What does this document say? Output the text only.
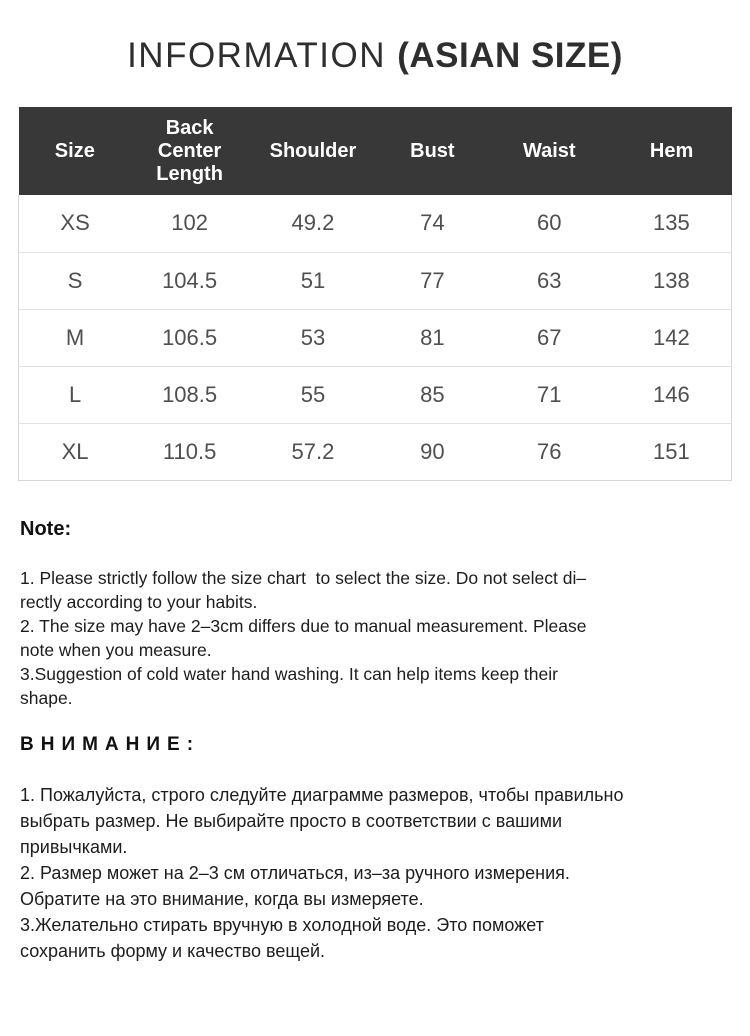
INFORMATION (ASIAN SIZE)
Size	Back Center Length	Shoulder	Bust	Waist	Hem
XS	102	49.2	74	60	135
S	104.5	51	77	63	138
M	106.5	53	81	67	142
L	108.5	55	85	71	146
XL	110.5	57.2	90	76	151
Note:
1. Please strictly follow the size chart  to select the size. Do not select di–
rectly according to your habits.
2. The size may have 2–3cm differs due to manual measurement. Please
note when you measure.
3.Suggestion of cold water hand washing. It can help items keep their
shape.
ВНИМАНИЕ:
1. Пожалуйста, строго следуйте диаграмме размеров, чтобы правильно
выбрать размер. Не выбирайте просто в соответствии с вашими
привычками.
2. Размер может на 2–3 см отличаться, из–за ручного измерения.
Обратите на это внимание, когда вы измеряете.
3.Желательно стирать вручную в холодной воде. Это поможет
сохранить форму и качество вещей.
